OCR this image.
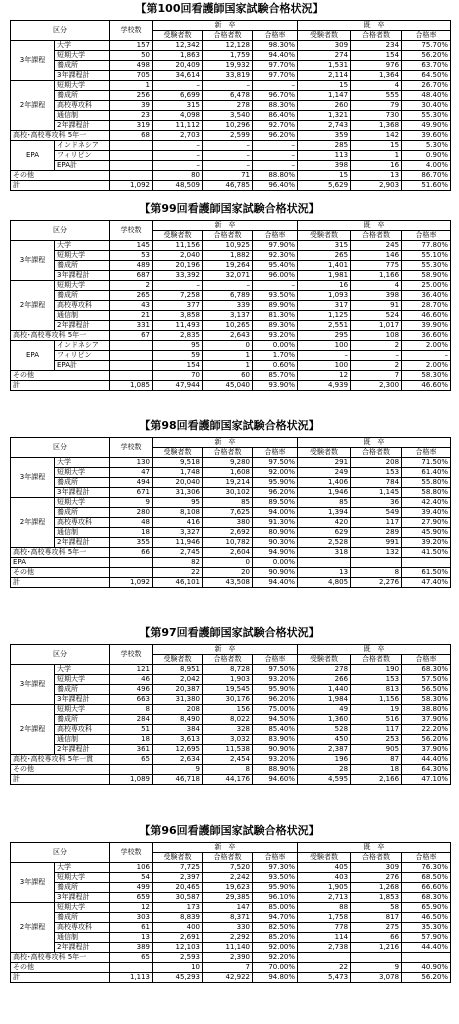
【第100回看護師国家試験合格状況】
区分		学校数	新　卒			既　卒		
			受験者数	合格者数	合格率	受験者数	合格者数	合格率
3年課程	大学	157	12,342	12,128	98.30%	309	234	75.70%
	短期大学	50	1,863	1,759	94.40%	274	154	56.20%
	養成所	498	20,409	19,932	97.70%	1,531	976	63.70%
	3年課程計	705	34,614	33,819	97.70%	2,114	1,364	64.50%
2年課程	短期大学	1	–	–	–	15	4	26.70%
	養成所	256	6,699	6,478	96.70%	1,147	555	48.40%
	高校専攻科	39	315	278	88.30%	260	79	30.40%
	通信制	23	4,098	3,540	86.40%	1,321	730	55.30%
	2年課程計	319	11,112	10,296	92.70%	2,743	1,368	49.90%
高校･高校専攻科 5年一		68	2,703	2,599	96.20%	359	142	39.60%
EPA	インドネシア		–	–	–	285	15	5.30%
	フィリピン		–	–	–	113	1	0.90%
	EPA計		–	–	–	398	16	4.00%
その他			80	71	88.80%	15	13	86.70%
計		1,092	48,509	46,785	96.40%	5,629	2,903	51.60%
【第99回看護師国家試験合格状況】
区分		学校数	新　卒			既　卒		
			受験者数	合格者数	合格率	受験者数	合格者数	合格率
3年課程	大学	145	11,156	10,925	97.90%	315	245	77.80%
	短期大学	53	2,040	1,882	92.30%	265	146	55.10%
	養成所	489	20,196	19,264	95.40%	1,401	775	55.30%
	3年課程計	687	33,392	32,071	96.00%	1,981	1,166	58.90%
2年課程	短期大学	2	–	–	–	16	4	25.00%
	養成所	265	7,258	6,789	93.50%	1,093	398	36.40%
	高校専攻科	43	377	339	89.90%	317	91	28.70%
	通信制	21	3,858	3,137	81.30%	1,125	524	46.60%
	2年課程計	331	11,493	10,265	89.30%	2,551	1,017	39.90%
高校･高校専攻科 5年一		67	2,835	2,643	93.20%	295	108	36.60%
EPA	インドネシア		95	0	0.00%	100	2	2.00%
	フィリピン		59	1	1.70%	–	–	–
	EPA計		154	1	0.60%	100	2	2.00%
その他			70	60	85.70%	12	7	58.30%
計		1,085	47,944	45,040	93.90%	4,939	2,300	46.60%
【第98回看護師国家試験合格状況】
区分		学校数	新　卒			既　卒		
			受験者数	合格者数	合格率	受験者数	合格者数	合格率
3年課程	大学	130	9,518	9,280	97.50%	291	208	71.50%
	短期大学	47	1,748	1,608	92.00%	249	153	61.40%
	養成所	494	20,040	19,214	95.90%	1,406	784	55.80%
	3年課程計	671	31,306	30,102	96.20%	1,946	1,145	58.80%
2年課程	短期大学	9	95	85	89.50%	85	36	42.40%
	養成所	280	8,108	7,625	94.00%	1,394	549	39.40%
	高校専攻科	48	416	380	91.30%	420	117	27.90%
	通信制	18	3,327	2,692	80.90%	629	289	45.90%
	2年課程計	355	11,946	10,782	90.30%	2,528	991	39.20%
高校･高校専攻科 5年一		66	2,745	2,604	94.90%	318	132	41.50%
EPA			82	0	0.00%			
その他			22	20	90.90%	13	8	61.50%
計		1,092	46,101	43,508	94.40%	4,805	2,276	47.40%
【第97回看護師国家試験合格状況】
区分		学校数	新　卒			既　卒		
			受験者数	合格者数	合格率	受験者数	合格者数	合格率
3年課程	大学	121	8,951	8,728	97.50%	278	190	68.30%
	短期大学	46	2,042	1,903	93.20%	266	153	57.50%
	養成所	496	20,387	19,545	95.90%	1,440	813	56.50%
	3年課程計	663	31,380	30,176	96.20%	1,984	1,156	58.30%
2年課程	短期大学	8	208	156	75.00%	49	19	38.80%
	養成所	284	8,490	8,022	94.50%	1,360	516	37.90%
	高校専攻科	51	384	328	85.40%	528	117	22.20%
	通信制	18	3,613	3,032	83.90%	450	253	56.20%
	2年課程計	361	12,695	11,538	90.90%	2,387	905	37.90%
高校･高校専攻科 5年一貫		65	2,634	2,454	93.20%	196	87	44.40%
その他			9	8	88.90%	28	18	64.30%
計		1,089	46,718	44,176	94.60%	4,595	2,166	47.10%
【第96回看護師国家試験合格状況】
区分		学校数	新　卒			既　卒		
			受験者数	合格者数	合格率	受験者数	合格者数	合格率
3年課程	大学	106	7,725	7,520	97.30%	405	309	76.30%
	短期大学	54	2,397	2,242	93.50%	403	276	68.50%
	養成所	499	20,465	19,623	95.90%	1,905	1,268	66.60%
	3年課程計	659	30,587	29,385	96.10%	2,713	1,853	68.30%
2年課程	短期大学	12	173	147	85.00%	88	58	65.90%
	養成所	303	8,839	8,371	94.70%	1,758	817	46.50%
	高校専攻科	61	400	330	82.50%	778	275	35.30%
	通信制	13	2,691	2,292	85.20%	114	66	57.90%
	2年課程計	389	12,103	11,140	92.00%	2,738	1,216	44.40%
高校･高校専攻科 5年一		65	2,593	2,390	92.20%			
その他			10	7	70.00%	22	9	40.90%
計		1,113	45,293	42,922	94.80%	5,473	3,078	56.20%
